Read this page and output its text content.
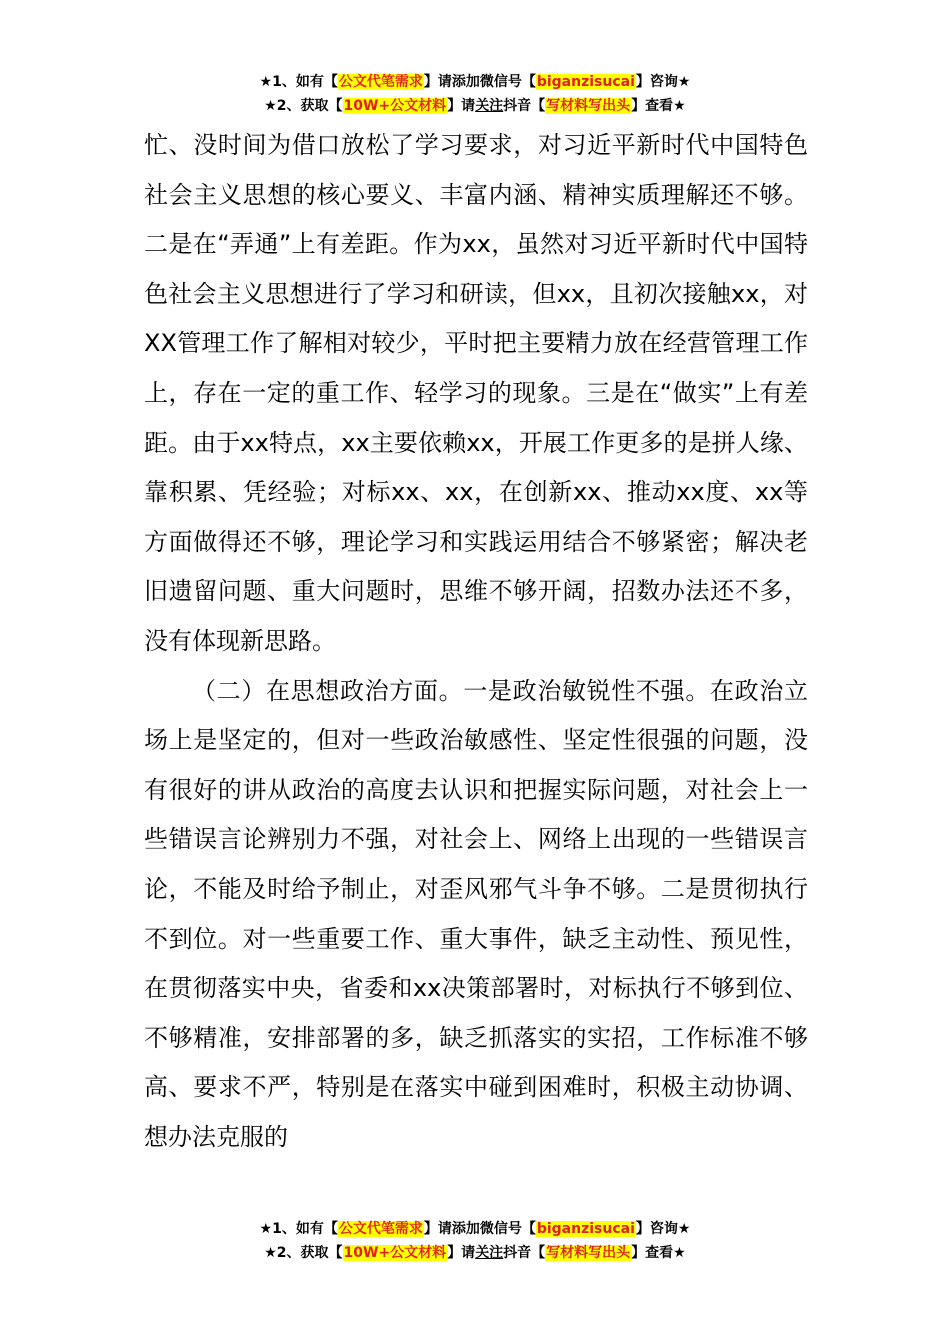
★1、如有【公文代笔需求】请添加微信号【biganzisucai】咨询★
★2、获取【10W+公文材料】请关注抖音【写材料写出头】查看★

忙、没时间为借口放松了学习要求，对习近平新时代中国特色社会主义思想的核心要义、丰富内涵、精神实质理解还不够。二是在“弄通”上有差距。作为xx，虽然对习近平新时代中国特色社会主义思想进行了学习和研读，但xx，且初次接触xx，对XX管理工作了解相对较少，平时把主要精力放在经营管理工作上，存在一定的重工作、轻学习的现象。三是在“做实”上有差距。由于xx特点，xx主要依赖xx，开展工作更多的是拼人缘、靠积累、凭经验；对标xx、xx，在创新xx、推动xx度、xx等方面做得还不够，理论学习和实践运用结合不够紧密；解决老旧遗留问题、重大问题时，思维不够开阔，招数办法还不多，没有体现新思路。

（二）在思想政治方面。一是政治敏锐性不强。在政治立场上是坚定的，但对一些政治敏感性、坚定性很强的问题，没有很好的讲从政治的高度去认识和把握实际问题，对社会上一些错误言论辨别力不强，对社会上、网络上出现的一些错误言论，不能及时给予制止，对歪风邪气斗争不够。二是贯彻执行不到位。对一些重要工作、重大事件，缺乏主动性、预见性，在贯彻落实中央，省委和xx决策部署时，对标执行不够到位、不够精准，安排部署的多，缺乏抓落实的实招，工作标准不够高、要求不严，特别是在落实中碰到困难时，积极主动协调、想办法克服的

★1、如有【公文代笔需求】请添加微信号【biganzisucai】咨询★
★2、获取【10W+公文材料】请关注抖音【写材料写出头】查看★
